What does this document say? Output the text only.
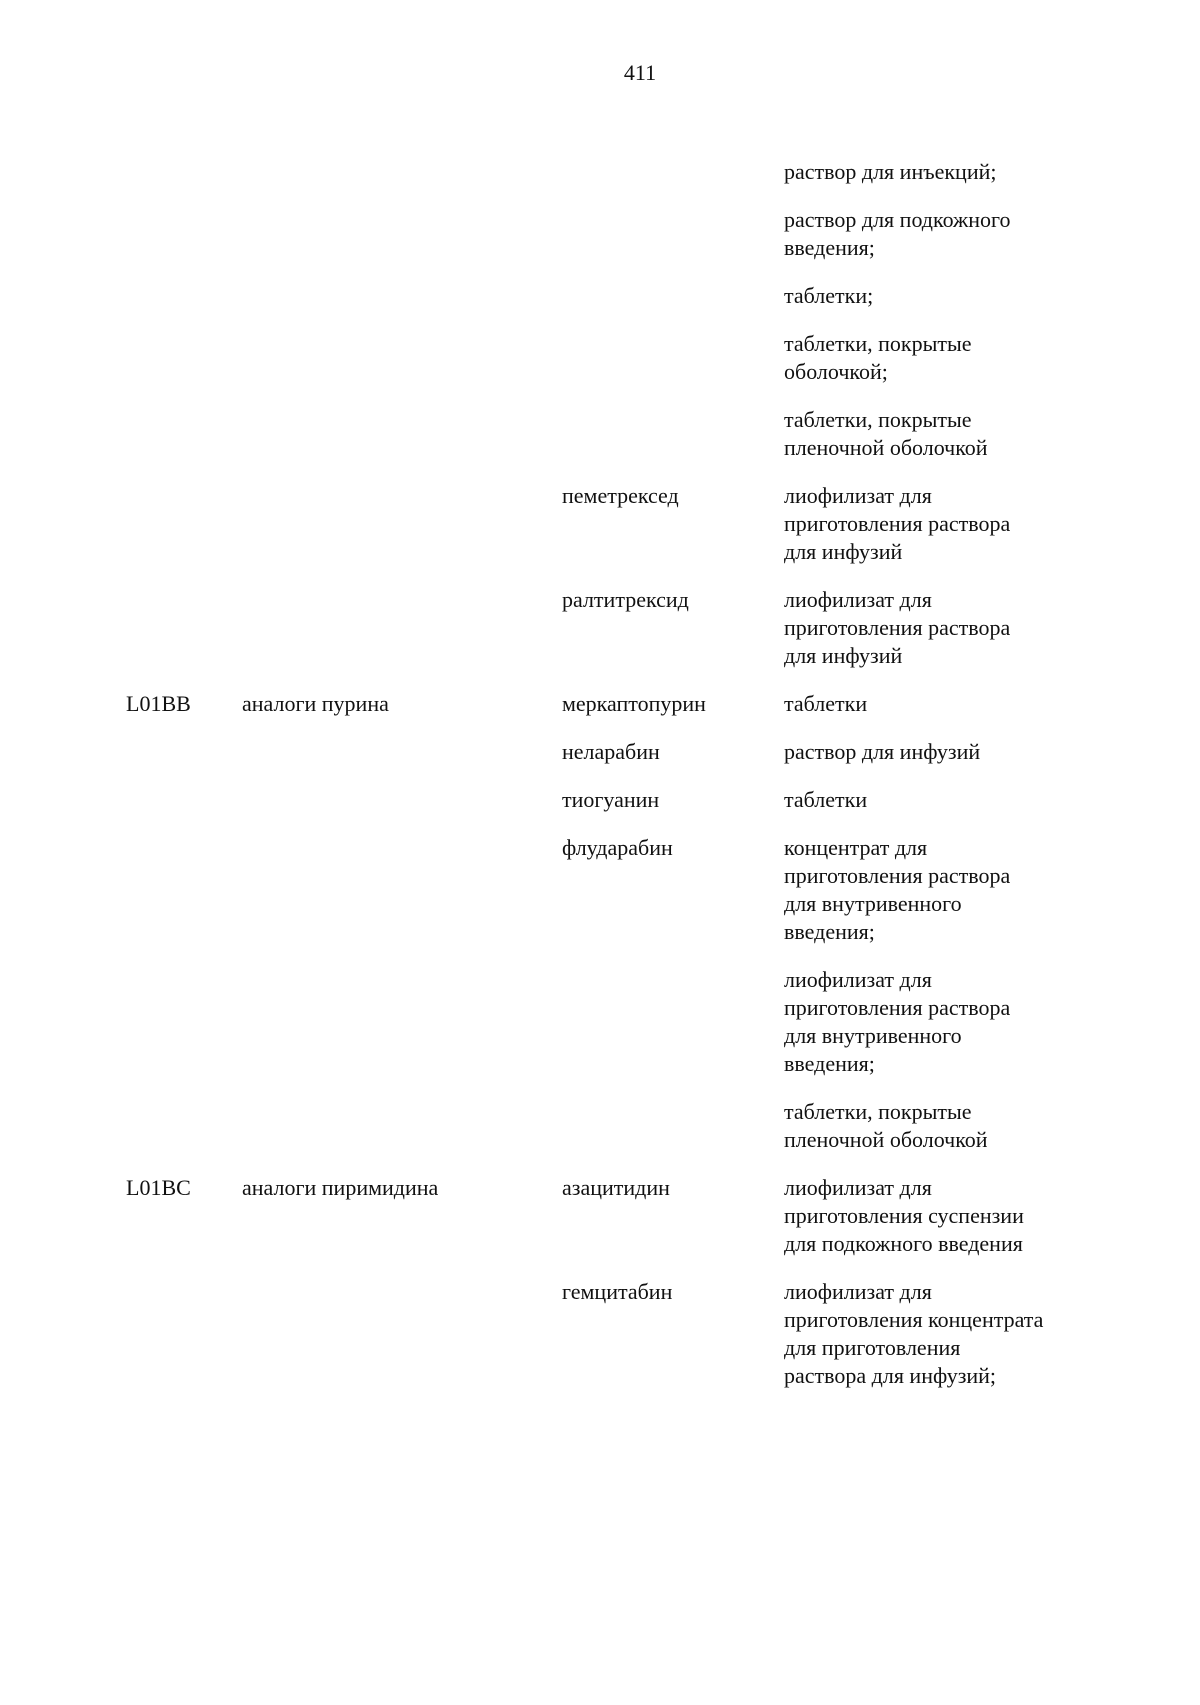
411
раствор для инъекций;
раствор для подкожного введения;
таблетки;
таблетки, покрытые оболочкой;
таблетки, покрытые пленочной оболочкой
пеметрексед	лиофилизат для приготовления раствора для инфузий
ралтитрексид	лиофилизат для приготовления раствора для инфузий
L01BB	аналоги пурина	меркаптопурин	таблетки
неларабин	раствор для инфузий
тиогуанин	таблетки
флударабин	концентрат для приготовления раствора для внутривенного введения;
лиофилизат для приготовления раствора для внутривенного введения;
таблетки, покрытые пленочной оболочкой
L01BC	аналоги пиримидина	азацитидин	лиофилизат для приготовления суспензии для подкожного введения
гемцитабин	лиофилизат для приготовления концентрата для приготовления раствора для инфузий;
